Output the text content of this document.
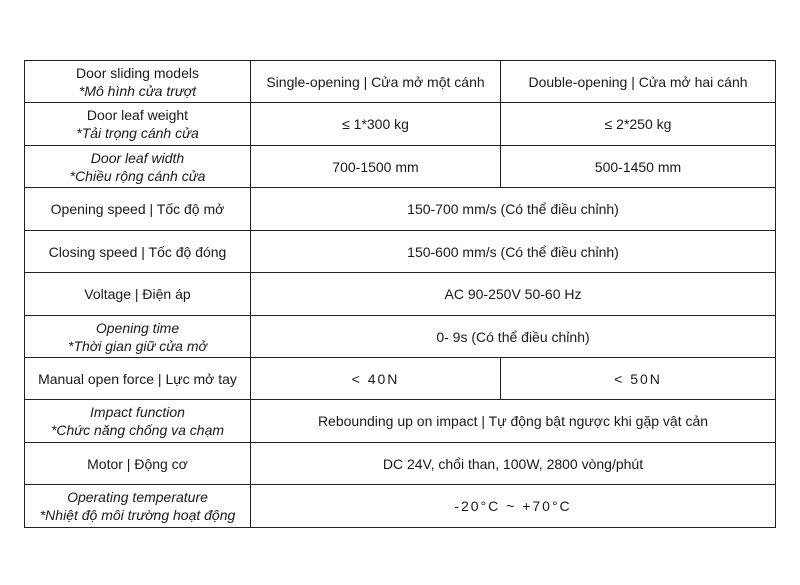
Door sliding models
*Mô hình cửa trượt	Single-opening | Cửa mở một cánh	Double-opening | Cửa mở hai cánh

Door leaf weight
*Tải trọng cánh cửa	≤ 1*300 kg	≤ 2*250 kg

Door leaf width
*Chiều rộng cánh cửa	700-1500 mm	500-1450 mm

Opening speed | Tốc độ mở	150-700 mm/s (Có thể điều chỉnh)	

Closing speed | Tốc độ đóng	150-600 mm/s (Có thể điều chỉnh)	

Voltage | Điện áp	AC 90-250V 50-60 Hz	

Opening time
*Thời gian giữ cửa mở	0- 9s (Có thể điều chỉnh)	

Manual open force | Lực mở tay	< 40N	< 50N

Impact function
*Chức năng chống va chạm	Rebounding up on impact | Tự động bật ngược khi gặp vật cản	

Motor | Động cơ	DC 24V, chổi than, 100W, 2800 vòng/phút	

Operating temperature
*Nhiệt độ môi trường hoạt động	-20°C ~ +70°C	
